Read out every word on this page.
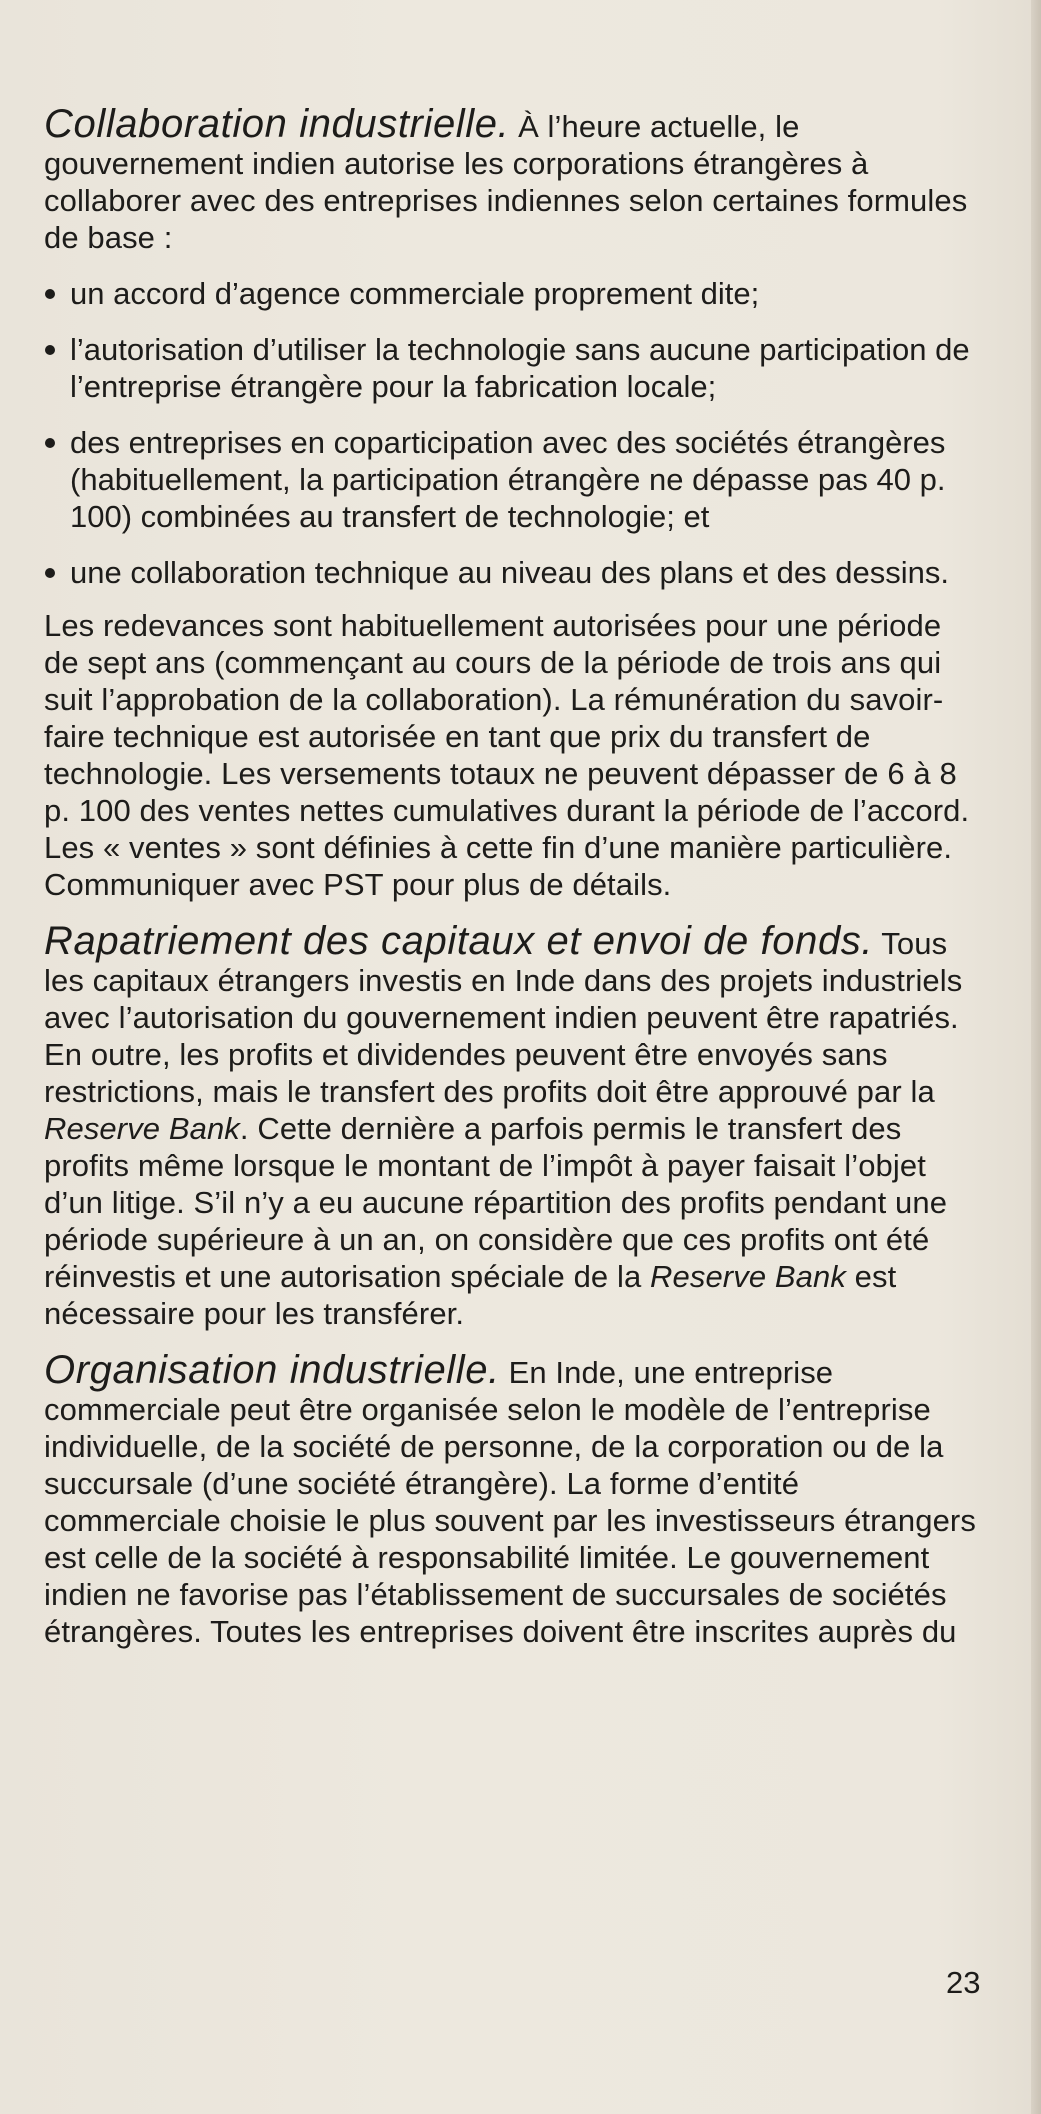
Collaboration industrielle. À l’heure actuelle, le gouvernement indien autorise les corporations étrangères à collaborer avec des entreprises indiennes selon certaines formules de base :

un accord d’agence commerciale proprement dite;
l’autorisation d’utiliser la technologie sans aucune participation de l’entreprise étrangère pour la fabrication locale;
des entreprises en coparticipation avec des sociétés étrangères (habituellement, la participation étrangère ne dépasse pas 40 p. 100) combinées au transfert de technologie; et
une collaboration technique au niveau des plans et des dessins.

Les redevances sont habituellement autorisées pour une période de sept ans (commençant au cours de la période de trois ans qui suit l’approbation de la collaboration). La rémunération du savoir-faire technique est autorisée en tant que prix du transfert de technologie. Les versements totaux ne peuvent dépasser de 6 à 8 p. 100 des ventes nettes cumulatives durant la période de l’accord. Les « ventes » sont définies à cette fin d’une manière particulière. Communiquer avec PST pour plus de détails.

Rapatriement des capitaux et envoi de fonds. Tous les capitaux étrangers investis en Inde dans des projets industriels avec l’autorisation du gouvernement indien peuvent être rapatriés. En outre, les profits et dividendes peuvent être envoyés sans restrictions, mais le transfert des profits doit être approuvé par la Reserve Bank. Cette dernière a parfois permis le transfert des profits même lorsque le montant de l’impôt à payer faisait l’objet d’un litige. S’il n’y a eu aucune répartition des profits pendant une période supérieure à un an, on considère que ces profits ont été réinvestis et une autorisation spéciale de la Reserve Bank est nécessaire pour les transférer.

Organisation industrielle. En Inde, une entreprise commerciale peut être organisée selon le modèle de l’entreprise individuelle, de la société de personne, de la corporation ou de la succursale (d’une société étrangère). La forme d’entité commerciale choisie le plus souvent par les investisseurs étrangers est celle de la société à responsabilité limitée. Le gouvernement indien ne favorise pas l’établissement de succursales de sociétés étrangères. Toutes les entreprises doivent être inscrites auprès du

23
